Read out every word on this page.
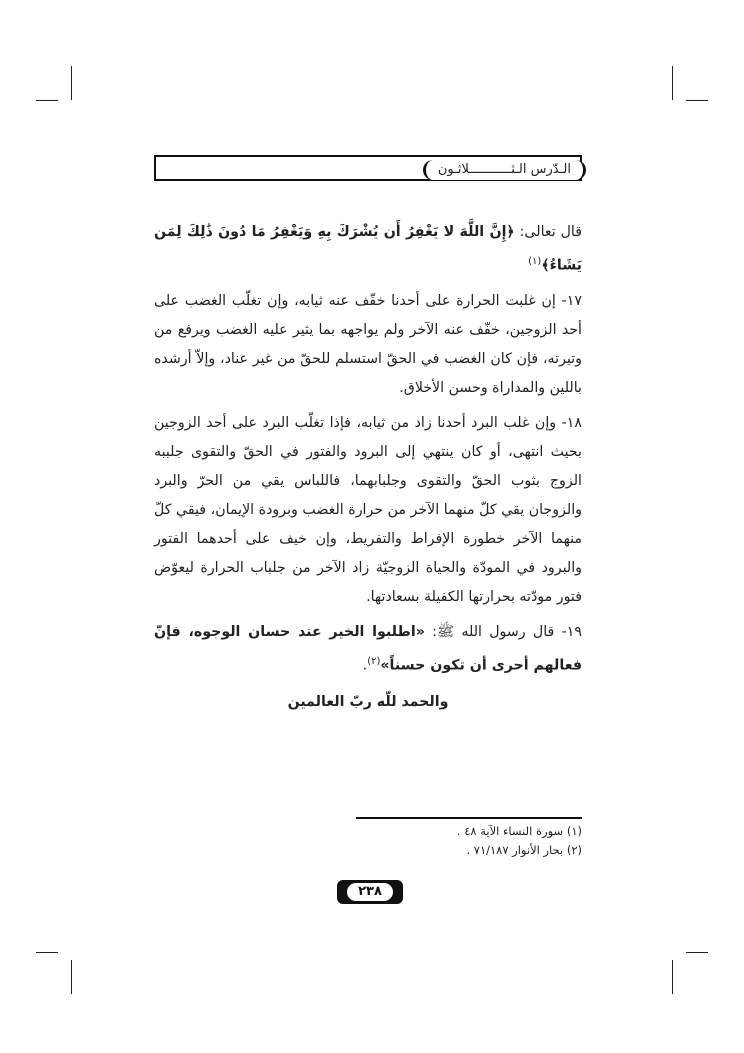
الـدّرس الـثـــــــــــلاثـون

قال تعالى: ﴿إِنَّ اللَّهَ لا يَغْفِرُ أَن يُشْرَكَ بِهِ وَيَغْفِرُ مَا دُونَ ذَٰلِكَ لِمَن يَشَاءُ﴾$^{(١)}$

١٧- إن غلبت الحرارة على أحدنا خفّف عنه ثيابه، وإن تغلّب الغضب على أحد الزوجين، خفّف عنه الآخر ولم يواجهه بما يثير عليه الغضب ويرفع من وتيرته، فإن كان الغضب في الحقّ استسلم للحقّ من غير عناد، وإلاّ أرشده باللين والمداراة وحسن الأخلاق.

١٨- وإن غلب البرد أحدنا زاد من ثيابه، فإذا تغلّب البرد على أحد الزوجين بحيث انتهى، أو كان ينتهي إلى البرود والفتور في الحقّ والتقوى جلببه الزوج بثوب الحقّ والتقوى وجلبابهما، فاللباس يقي من الحرّ والبرد والزوجان يقي كلّ منهما الآخر من حرارة الغضب وبرودة الإيمان، فيقي كلّ منهما الآخر خطورة الإفراط والتفريط، وإن خيف على أحدهما الفتور والبرود في المودّة والحياة الزوجيّة زاد الآخر من جلباب الحرارة ليعوّض فتور مودّته بحرارتها الكفيلة بسعادتها.

١٩- قال رسول الله ﷺ: «اطلبوا الخير عند حسان الوجوه، فإنّ فعالهم أحرى أن تكون حسناً»$^{(٢)}$.

والحمد للّه ربّ العالمين

(١) سورة النساء الآية ٤٨ .

(٢) بحار الأنوار ٧١/١٨٧ .

٢٣٨
